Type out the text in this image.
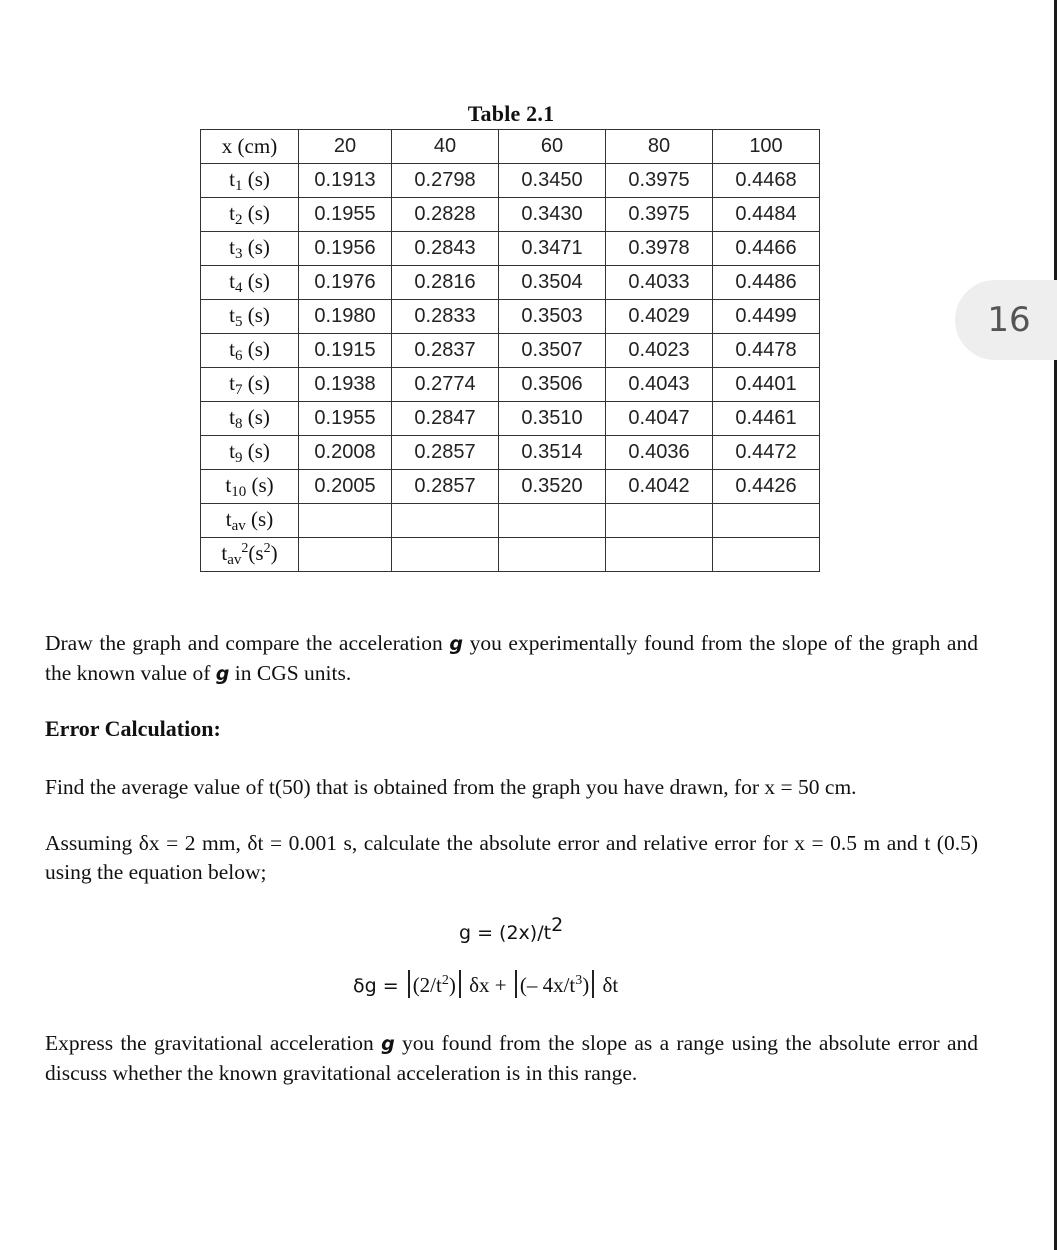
16
Table 2.1
x (cm)	20	40	60	80	100
$t_1$ (s)	0.1913	0.2798	0.3450	0.3975	0.4468
$t_2$ (s)	0.1955	0.2828	0.3430	0.3975	0.4484
$t_3$ (s)	0.1956	0.2843	0.3471	0.3978	0.4466
$t_4$ (s)	0.1976	0.2816	0.3504	0.4033	0.4486
$t_5$ (s)	0.1980	0.2833	0.3503	0.4029	0.4499
$t_6$ (s)	0.1915	0.2837	0.3507	0.4023	0.4478
$t_7$ (s)	0.1938	0.2774	0.3506	0.4043	0.4401
$t_8$ (s)	0.1955	0.2847	0.3510	0.4047	0.4461
$t_9$ (s)	0.2008	0.2857	0.3514	0.4036	0.4472
$t_{10}$ (s)	0.2005	0.2857	0.3520	0.4042	0.4426
$t_{av}$ (s)					
$t_{av}^2(s^2)$					

Draw the graph and compare the acceleration g you experimentally found from the slope of the graph and the known value of g in CGS units.

Error Calculation:

Find the average value of t(50) that is obtained from the graph you have drawn, for x = 50 cm.

Assuming δx = 2 mm, δt = 0.001 s, calculate the absolute error and relative error for x = 0.5 m and t (0.5) using the equation below;

g = (2x)/t2
$\delta g = (2/t^2) \delta x$ + (– $4x/t^3$) δt

Express the gravitational acceleration g you found from the slope as a range using the absolute error and discuss whether the known gravitational acceleration is in this range.
